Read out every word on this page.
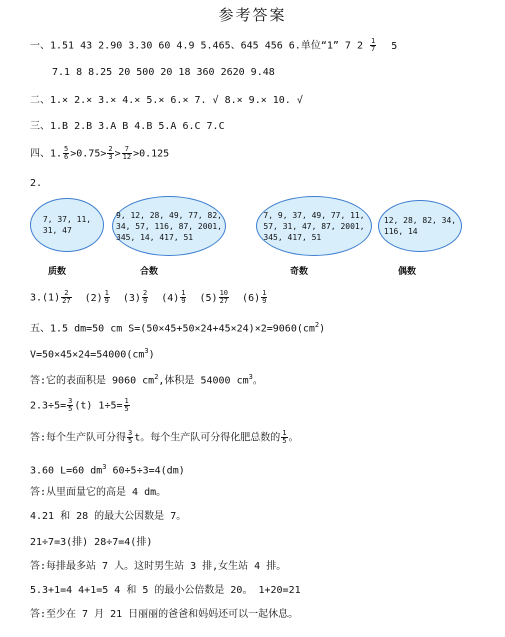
参考答案
一、1.51 43 2.90 3.30 60 4.9 5.465、645 456 6.单位“1” 7 $2 \frac{1}{7} 5$
7.1 8 8.25 20 500 20 18 360 2620 9.48
二、1.× 2.× 3.× 4.× 5.× 6.× 7. √ 8.× 9.× 10. √
三、1.B 2.B 3.A B 4.B 5.A 6.C 7.C
四、1. $\frac{5}{6} >0.75> \frac{2}{3} > \frac{7}{12} >0.125$
2.
7, 37, 11,
31, 47
质数
9, 12, 28, 49, 77, 82,
34, 57, 116, 87, 2001,
345, 14, 417, 51
合数
7, 9, 37, 49, 77, 11,
57, 31, 47, 87, 2001,
345, 417, 51
奇数
12, 28, 82, 34,
116, 14
偶数
$3.(1) \frac{2}{27} (2) \frac{1}{9} (3) \frac{2}{9} (4) \frac{1}{9} (5) \frac{10}{27} (6) \frac{1}{9}$
五、1.5 dm=50 cm $S=(50\times 45+50\times 24+45\times 24)\times 2=9060(cm^2)$
$V=50\times 45\times 24=54000(cm^3)$
答:它的表面积是 9060 $cm^2$,体积是 54000 $cm^3$。
$2.3\div 5= \frac{3}{5} (t)$ $1\div 5= \frac{1}{5}$
答:每个生产队可分得 $\frac{3}{5}$ t。每个生产队可分得化肥总数的 $\frac{1}{5}$ 。
3.60 L=60 $dm^3$ 60÷5÷3=4(dm)
答:从里面量它的高是 4 dm。
4.21 和 28 的最大公因数是 7。
21÷7=3(排) 28÷7=4(排)
答:每排最多站 7 人。这时男生站 3 排,女生站 4 排。
5.3+1=4 4+1=5 4 和 5 的最小公倍数是 20。 1+20=21
答:至少在 7 月 21 日丽丽的爸爸和妈妈还可以一起休息。
